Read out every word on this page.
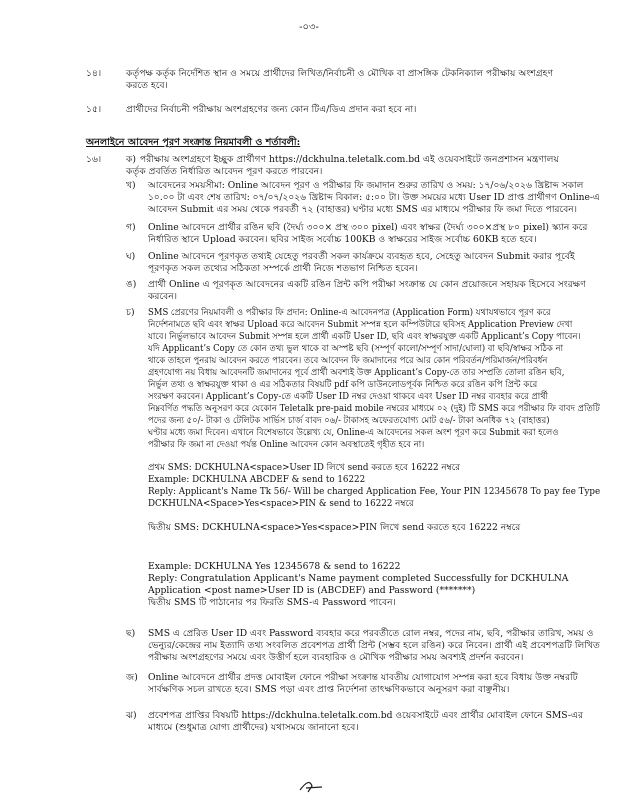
-০৩-
১৪।	কর্তৃপক্ষ কর্তৃক নির্দেশিত স্থান ও সময়ে প্রার্থীদের লিখিত/নির্বাচনী ও মৌখিক বা প্রাসঙ্গিক টেকনিক্যাল পরীক্ষায় অংশগ্রহণ
করতে হবে।
১৫।	প্রার্থীদের নির্বাচনী পরীক্ষায় অংশগ্রহণের জন্য কোন টিএ/ডিএ প্রদান করা হবে না।
অনলাইনে আবেদন পূরণ সংক্রান্ত নিয়মাবলী ও শর্তাবলী:
১৬।	ক) পরীক্ষায় অংশগ্রহণে ইচ্ছুক প্রার্থীগণ https://dckhulna.teletalk.com.bd এই ওয়েবসাইটে জনপ্রশাসন মন্ত্রণালয়
কর্তৃক প্রবর্তিত নির্ধারিত আবেদন পূরণ করতে পারবেন।
খ) আবেদনের সময়সীমা: Online আবেদন পূরণ ও পরীক্ষার ফি জমাদান শুরুর তারিখ ও সময়: ১৭/০৬/২০২৬ খ্রিষ্টাব্দ সকাল
১০.০০ টা এবং শেষ তারিখ: ০৭/০৭/২০২৬ খ্রিষ্টাব্দ বিকাল: ৫:০০ টা। উক্ত সময়ের মধ্যে User ID প্রাপ্ত প্রার্থীগণ Online-এ
আবেদন Submit এর সময় থেকে পরবর্তী ৭২ (বাহাত্তর) ঘণ্টার মধ্যে SMS এর মাধ্যমে পরীক্ষার ফি জমা দিতে পারবেন।
গ) Online আবেদনে প্রার্থীর রঙিন ছবি (দৈর্ঘ্য ৩০০× প্রস্থ ৩০০ pixel) এবং স্বাক্ষর (দৈর্ঘ্য ৩০০×প্রস্থ ৮০ pixel) স্ক্যান করে
নির্ধারিত স্থানে Upload করবেন। ছবির সাইজ সর্বোচ্চ 100KB ও স্বাক্ষরের সাইজ সর্বোচ্চ 60KB হতে হবে।
ঘ) Online আবেদনে পূরণকৃত তথ্যই যেহেতু পরবর্তী সকল কার্যক্রমে ব্যবহৃত হবে, সেহেতু আবেদন Submit করার পূর্বেই
পূরণকৃত সকল তথ্যের সঠিকতা সম্পর্কে প্রার্থী নিজে শতভাগ নিশ্চিত হবেন।
ঙ) প্রার্থী Online এ পূরণকৃত আবেদনের একটি রঙিন প্রিন্ট কপি পরীক্ষা সংক্রান্ত যে কোন প্রয়োজনে সহায়ক হিসেবে সংরক্ষণ
করবেন।
চ) SMS প্রেরণের নিয়মাবলী ও পরীক্ষার ফি প্রদান: Online-এ আবেদনপত্র (Application Form) যথাযথভাবে পূরণ করে
নির্দেশনামতে ছবি এবং স্বাক্ষর Upload করে আবেদন Submit সম্পন্ন হলে কম্পিউটারে ছবিসহ Application Preview দেখা
যাবে। নির্ভুলভাবে আবেদন Submit সম্পন্ন হলে প্রার্থী একটি User ID, ছবি এবং স্বাক্ষরযুক্ত একটি Applicant’s Copy পাবেন।
যদি Applicant’s Copy তে কোন তথ্য ভুল থাকে বা অস্পষ্ট ছবি (সম্পূর্ণ কালো/সম্পূর্ণ সাদা/ঘোলা) বা ছবি/স্বাক্ষর সঠিক না
থাকে তাহলে পুনরায় আবেদন করতে পারবেন। তবে আবেদন ফি জমাদানের পরে আর কোন পরিবর্তন/পরিমার্জন/পরিবর্ধন
গ্রহণযোগ্য নয় বিধায় আবেদনটি জমাদানের পূর্বে প্রার্থী অবশ্যই উক্ত Applicant’s Copy-তে তার সম্প্রতি তোলা রঙিন ছবি,
নির্ভুল তথ্য ও স্বাক্ষরযুক্ত থাকা ও এর সঠিকতার বিষয়টি pdf কপি ডাউনলোডপূর্বক নিশ্চিত করে রঙিন কপি প্রিন্ট করে
সংরক্ষণ করবেন। Applicant’s Copy-তে একটি User ID নম্বর দেওয়া থাকবে এবং User ID নম্বর ব্যবহার করে প্রার্থী
নিম্নবর্ণিত পদ্ধতি অনুসরণ করে যেকোন Teletalk pre-paid mobile নম্বরের মাধ্যমে ০২ (দুই) টি SMS করে পরীক্ষার ফি বাবদ প্রতিটি
পদের জন্য ৫০/- টাকা ও টেলিটক সার্ভিস চার্জ বাবদ ০৬/- টাকাসহ অফেরতযোগ্য মোট ৫৬/- টাকা অনধিক ৭২ (বাহাত্তর)
ঘণ্টার মধ্যে জমা দিবেন। এখানে বিশেষভাবে উল্লেখ্য যে, Online-এ আবেদনের সকল অংশ পূরণ করে Submit করা হলেও
পরীক্ষার ফি জমা না দেওয়া পর্যন্ত Online আবেদন কোন অবস্থাতেই গৃহীত হবে না।
প্রথম SMS: DCKHULNA<space>User ID লিখে send করতে হবে 16222 নম্বরে
Example: DCKHULNA ABCDEF & send to 16222
Reply: Applicant's Name Tk 56/- Will be charged Application Fee, Your PIN 12345678 To pay fee Type
DCKHULNA<Space>Yes<space>PIN & send to 16222 নম্বরে
দ্বিতীয় SMS: DCKHULNA<space>Yes<space>PIN লিখে send করতে হবে 16222 নম্বরে
Example: DCKHULNA Yes 12345678 & send to 16222
Reply: Congratulation Applicant's Name payment completed Successfully for DCKHULNA
Application <post name>User ID is (ABCDEF) and Password (*******)
দ্বিতীয় SMS টি পাঠানোর পর ফিরতি SMS-এ Password পাবেন।
ছ) SMS এ প্রেরিত User ID এবং Password ব্যবহার করে পরবর্তীতে রোল নম্বর, পদের নাম, ছবি, পরীক্ষার তারিখ, সময় ও
ভেন্যুর/কেন্দ্রের নাম ইত্যাদি তথ্য সংবলিত প্রবেশপত্র প্রার্থী প্রিন্ট (সম্ভব হলে রঙিন) করে নিবেন। প্রার্থী এই প্রবেশপত্রটি লিখিত
পরীক্ষায় অংশগ্রহণের সময়ে এবং উত্তীর্ণ হলে ব্যবহারিক ও মৌখিক পরীক্ষার সময় অবশ্যই প্রদর্শন করবেন।
জ) Online আবেদনে প্রার্থীর প্রদত্ত মোবাইল ফোনে পরীক্ষা সংক্রান্ত যাবতীয় যোগাযোগ সম্পন্ন করা হবে বিধায় উক্ত নম্বরটি
সার্বক্ষণিক সচল রাখতে হবে। SMS পড়া এবং প্রাপ্ত নির্দেশনা তাৎক্ষণিকভাবে অনুসরণ করা বাঞ্ছনীয়।
ঝ) প্রবেশপত্র প্রাপ্তির বিষয়টি https://dckhulna.teletalk.com.bd ওয়েবসাইটে এবং প্রার্থীর মোবাইল ফোনে SMS-এর
মাধ্যমে (শুধুমাত্র যোগ্য প্রার্থীদের) যথাসময়ে জানানো হবে।
